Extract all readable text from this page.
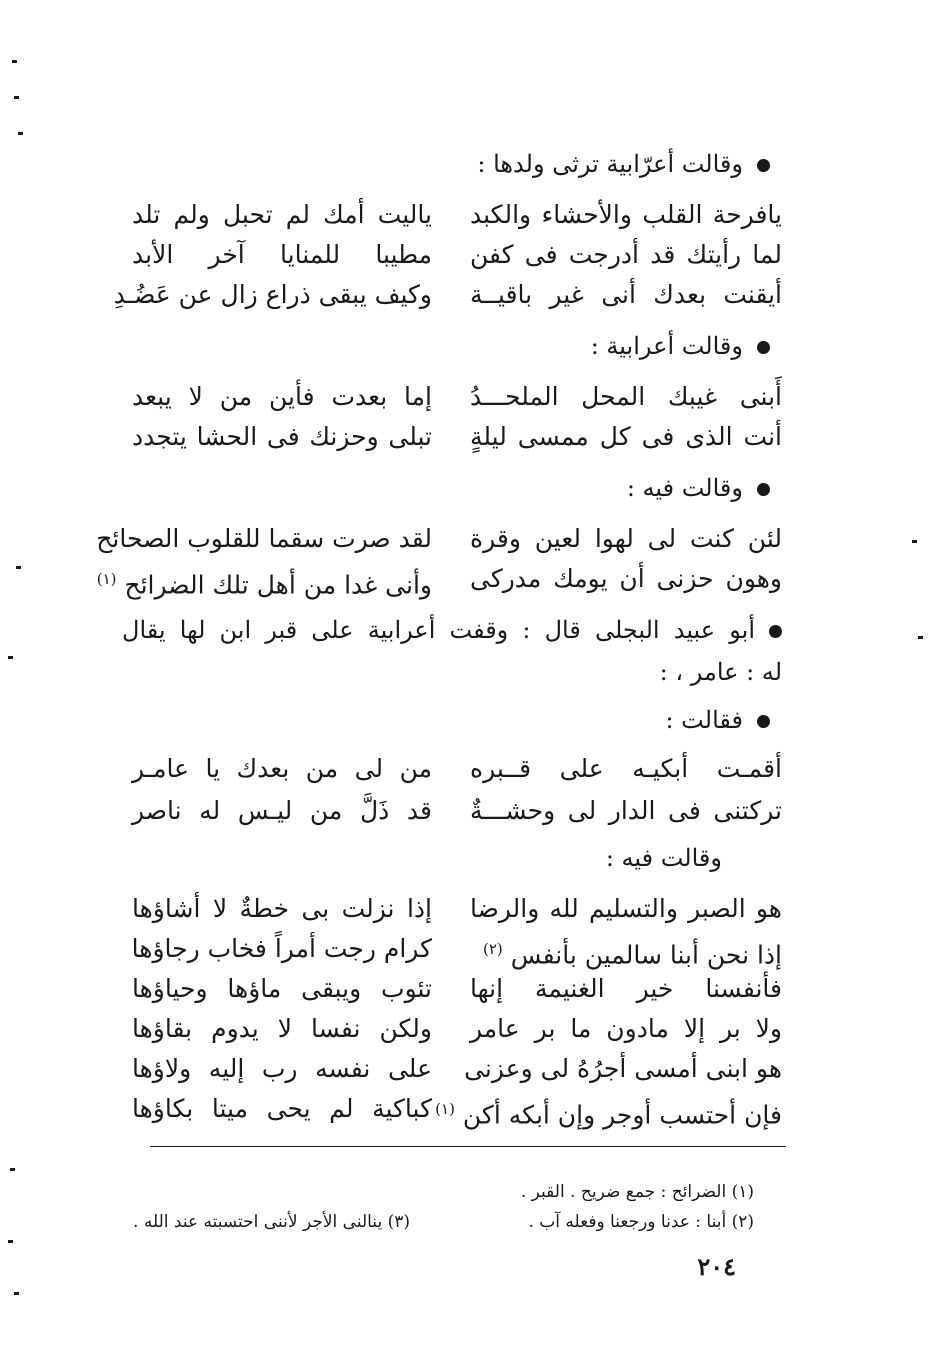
وقالت أعرّابية ترثى ولدها :
يافرحة القلب والأحشاء والكبد
ياليت أمك لم تحبل ولم تلد
لما رأيتك قد أدرجت فى كفن
مطيبا للمنايا آخر الأبد
أيقنت بعدك أنى غير باقيــة
وكيف يبقى ذراع زال عن عَضُـدِ
وقالت أعرابية :
أَبنى غيبك المحل الملحـــدُ
إما بعدت فأين من لا يبعد
أنت الذى فى كل ممسى ليلةٍ
تبلى وحزنك فى الحشا يتجدد
وقالت فيه :
لئن كنت لى لهوا لعين وقرة
لقد صرت سقما للقلوب الصحائح
وهون حزنى أن يومك مدركى
وأنى غدا من أهل تلك الضرائح $^{(١)}$
أبو عبيد البجلى قال : وقفت أعرابية على قبر ابن لها يقال
له : عامر ، :
فقالت :
أقمـت أبكيـه على قــبره
من لى من بعدك يا عامـر
تركتنى فى الدار لى وحشـــةٌ
قد ذَلَّ من ليـس له ناصر
وقالت فيه :
هو الصبر والتسليم لله والرضا
إذا نزلت بى خطةٌ لا أشاؤها
إذا نحن أبنا سالمين بأنفس $^{(٢)}$
كرام رجت أمراً فخاب رجاؤها
فأنفسنا خير الغنيمة إنها
تئوب ويبقى ماؤها وحياؤها
ولا بر إلا مادون ما بر عامر
ولكن نفسا لا يدوم بقاؤها
هو ابنى أمسى أجرُهُ لى وعزنى
على نفسه رب إليه ولاؤها
فإن أحتسب أوجر وإن أبكه أكن $^{(١)}$
كباكية لم يحى ميتا بكاؤها
(١) الضرائح : جمع ضريح . القبر .
(٢) أبنا : عدنا ورجعنا وفعله آب .
(٣) ينالنى الأجر لأننى احتسبته عند الله .
٢٠٤
